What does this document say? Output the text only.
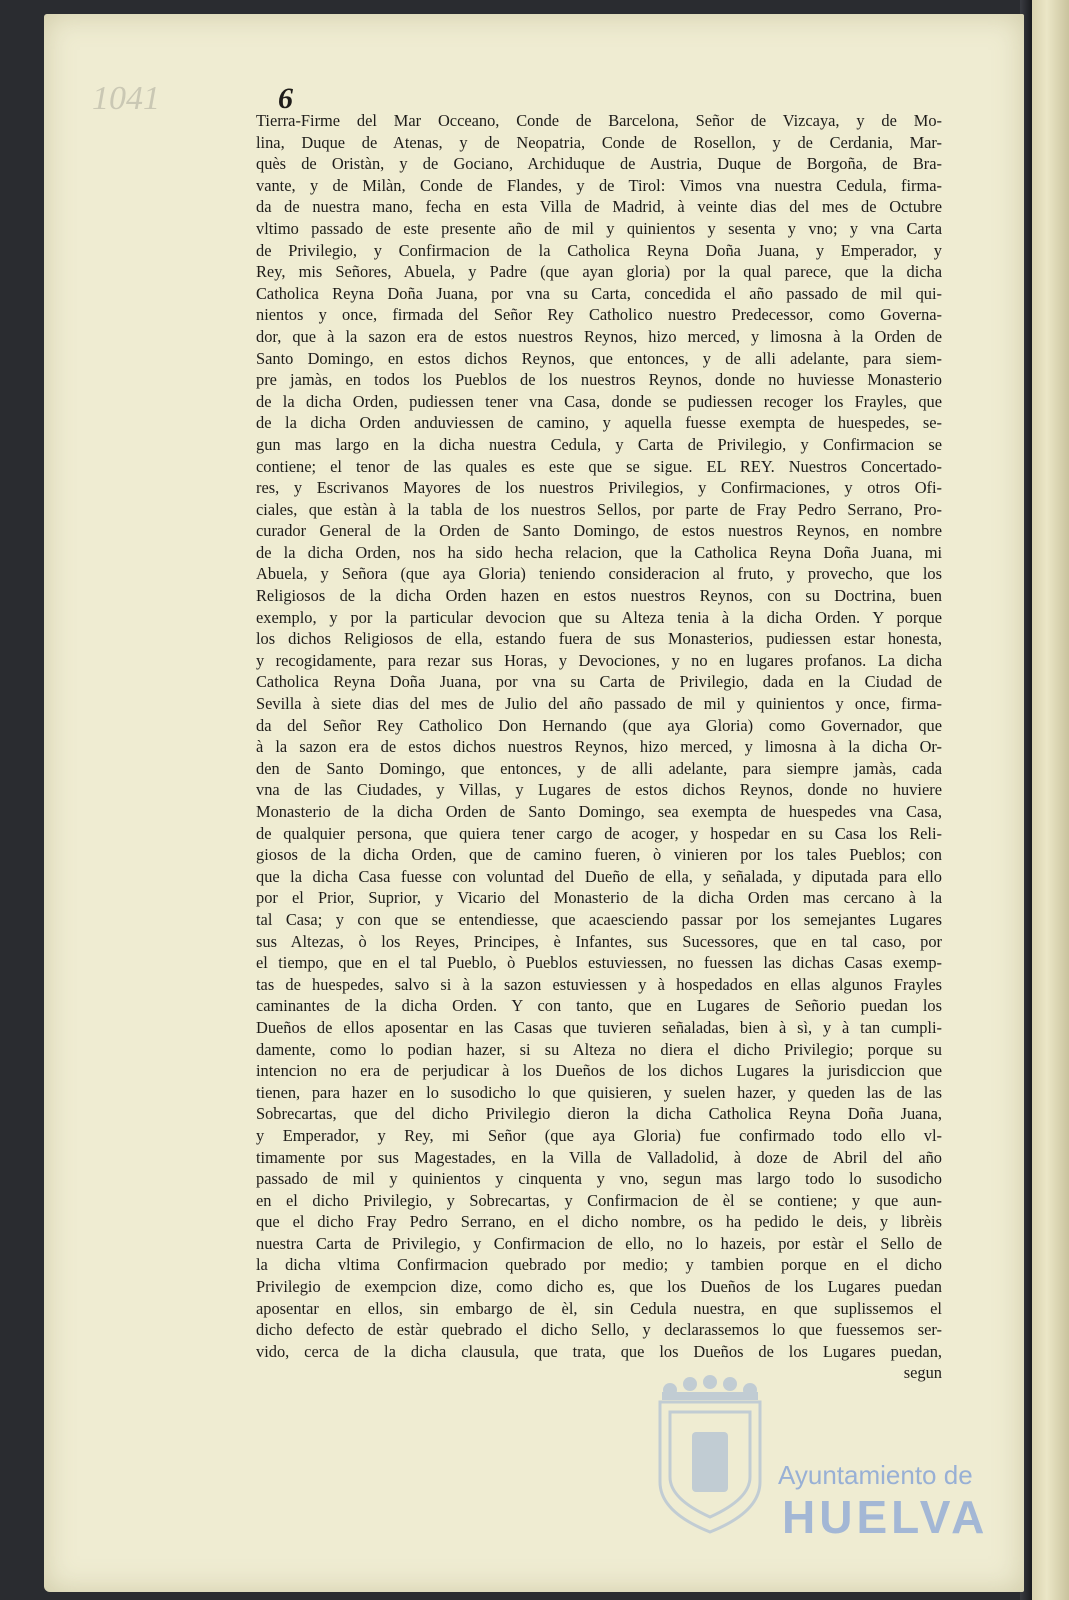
1041	6
Tierra-Firme del Mar Occeano, Conde de Barcelona, Señor de Vizcaya, y de Mo-
lina, Duque de Atenas, y de Neopatria, Conde de Rosellon, y de Cerdania, Mar-
quès de Oristàn, y de Gociano, Archiduque de Austria, Duque de Borgoña, de Bra-
vante, y de Milàn, Conde de Flandes, y de Tirol: Vimos vna nuestra Cedula, firma-
da de nuestra mano, fecha en esta Villa de Madrid, à veinte dias del mes de Octubre
vltimo passado de este presente año de mil y quinientos y sesenta y vno; y vna Carta
de Privilegio, y Confirmacion de la Catholica Reyna Doña Juana, y Emperador, y
Rey, mis Señores, Abuela, y Padre (que ayan gloria) por la qual parece, que la dicha
Catholica Reyna Doña Juana, por vna su Carta, concedida el año passado de mil qui-
nientos y once, firmada del Señor Rey Catholico nuestro Predecessor, como Governa-
dor, que à la sazon era de estos nuestros Reynos, hizo merced, y limosna à la Orden de
Santo Domingo, en estos dichos Reynos, que entonces, y de alli adelante, para siem-
pre jamàs, en todos los Pueblos de los nuestros Reynos, donde no huviesse Monasterio
de la dicha Orden, pudiessen tener vna Casa, donde se pudiessen recoger los Frayles, que
de la dicha Orden anduviessen de camino, y aquella fuesse exempta de huespedes, se-
gun mas largo en la dicha nuestra Cedula, y Carta de Privilegio, y Confirmacion se
contiene; el tenor de las quales es este que se sigue. EL REY. Nuestros Concertado-
res, y Escrivanos Mayores de los nuestros Privilegios, y Confirmaciones, y otros Ofi-
ciales, que estàn à la tabla de los nuestros Sellos, por parte de Fray Pedro Serrano, Pro-
curador General de la Orden de Santo Domingo, de estos nuestros Reynos, en nombre
de la dicha Orden, nos ha sido hecha relacion, que la Catholica Reyna Doña Juana, mi
Abuela, y Señora (que aya Gloria) teniendo consideracion al fruto, y provecho, que los
Religiosos de la dicha Orden hazen en estos nuestros Reynos, con su Doctrina, buen
exemplo, y por la particular devocion que su Alteza tenia à la dicha Orden. Y porque
los dichos Religiosos de ella, estando fuera de sus Monasterios, pudiessen estar honesta,
y recogidamente, para rezar sus Horas, y Devociones, y no en lugares profanos. La dicha
Catholica Reyna Doña Juana, por vna su Carta de Privilegio, dada en la Ciudad de
Sevilla à siete dias del mes de Julio del año passado de mil y quinientos y once, firma-
da del Señor Rey Catholico Don Hernando (que aya Gloria) como Governador, que
à la sazon era de estos dichos nuestros Reynos, hizo merced, y limosna à la dicha Or-
den de Santo Domingo, que entonces, y de alli adelante, para siempre jamàs, cada
vna de las Ciudades, y Villas, y Lugares de estos dichos Reynos, donde no huviere
Monasterio de la dicha Orden de Santo Domingo, sea exempta de huespedes vna Casa,
de qualquier persona, que quiera tener cargo de acoger, y hospedar en su Casa los Reli-
giosos de la dicha Orden, que de camino fueren, ò vinieren por los tales Pueblos; con
que la dicha Casa fuesse con voluntad del Dueño de ella, y señalada, y diputada para ello
por el Prior, Suprior, y Vicario del Monasterio de la dicha Orden mas cercano à la
tal Casa; y con que se entendiesse, que acaesciendo passar por los semejantes Lugares
sus Altezas, ò los Reyes, Principes, è Infantes, sus Sucessores, que en tal caso, por
el tiempo, que en el tal Pueblo, ò Pueblos estuviessen, no fuessen las dichas Casas exemp-
tas de huespedes, salvo si à la sazon estuviessen y à hospedados en ellas algunos Frayles
caminantes de la dicha Orden. Y con tanto, que en Lugares de Señorio puedan los
Dueños de ellos aposentar en las Casas que tuvieren señaladas, bien à sì, y à tan cumpli-
damente, como lo podian hazer, si su Alteza no diera el dicho Privilegio; porque su
intencion no era de perjudicar à los Dueños de los dichos Lugares la jurisdiccion que
tienen, para hazer en lo susodicho lo que quisieren, y suelen hazer, y queden las de las
Sobrecartas, que del dicho Privilegio dieron la dicha Catholica Reyna Doña Juana,
y Emperador, y Rey, mi Señor (que aya Gloria) fue confirmado todo ello vl-
timamente por sus Magestades, en la Villa de Valladolid, à doze de Abril del año
passado de mil y quinientos y cinquenta y vno, segun mas largo todo lo susodicho
en el dicho Privilegio, y Sobrecartas, y Confirmacion de èl se contiene; y que aun-
que el dicho Fray Pedro Serrano, en el dicho nombre, os ha pedido le deis, y librèis
nuestra Carta de Privilegio, y Confirmacion de ello, no lo hazeis, por estàr el Sello de
la dicha vltima Confirmacion quebrado por medio; y tambien porque en el dicho
Privilegio de exempcion dize, como dicho es, que los Dueños de los Lugares puedan
aposentar en ellos, sin embargo de èl, sin Cedula nuestra, en que suplissemos el
dicho defecto de estàr quebrado el dicho Sello, y declarassemos lo que fuessemos ser-
vido, cerca de la dicha clausula, que trata, que los Dueños de los Lugares puedan,
segun
Ayuntamiento de
HUELVA
